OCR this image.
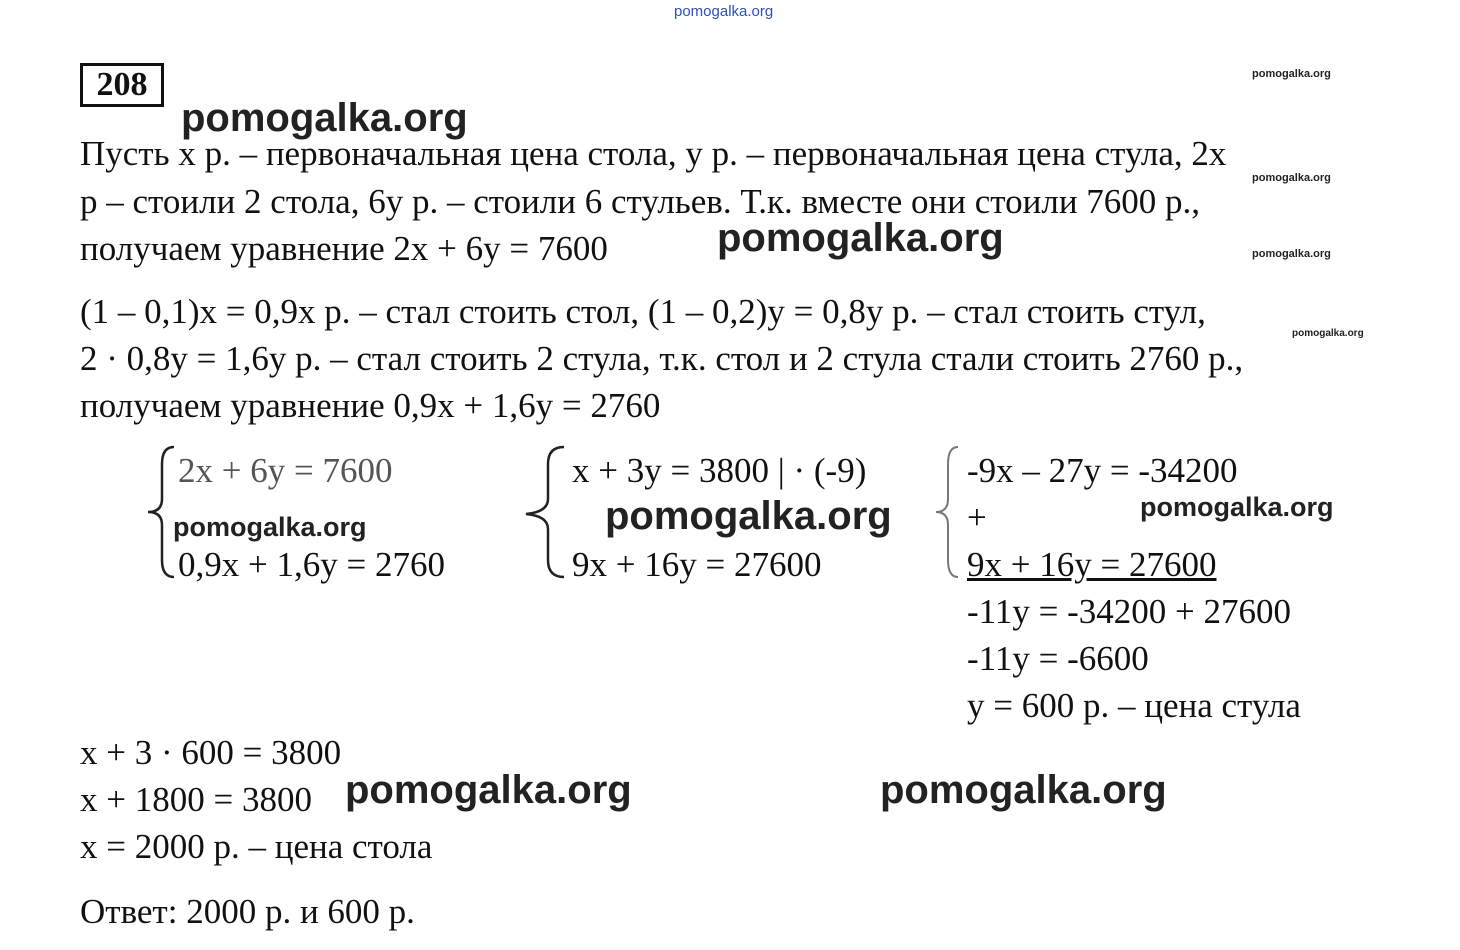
pomogalka.org
208
pomogalka.org
pomogalka.org
pomogalka.org
pomogalka.org
pomogalka.org
pomogalka.org
Пусть x р. – первоначальная цена стола, y р. – первоначальная цена стула, 2x
р – стоили 2 стола, 6y р. – стоили 6 стульев. Т.к. вместе они стоили 7600 р.,
получаем уравнение 2x + 6y = 7600
(1 – 0,1)x = 0,9x р. – стал стоить стол, (1 – 0,2)y = 0,8y р. – стал стоить стул,
2 · 0,8y = 1,6y р. – стал стоить 2 стула, т.к. стол и 2 стула стали стоить 2760 р.,
получаем уравнение 0,9x + 1,6y = 2760
2x + 6y = 7600
pomogalka.org
0,9x + 1,6y = 2760
x + 3y = 3800 | · (-9)
pomogalka.org
9x + 16y = 27600
-9x – 27y = -34200
+	pomogalka.org
9x + 16y = 27600
-11y = -34200 + 27600
-11y = -6600
y = 600 р. – цена стула
x + 3 · 600 = 3800
x + 1800 = 3800 pomogalka.org	pomogalka.org
x = 2000 р. – цена стола
Ответ: 2000 р. и 600 р.
